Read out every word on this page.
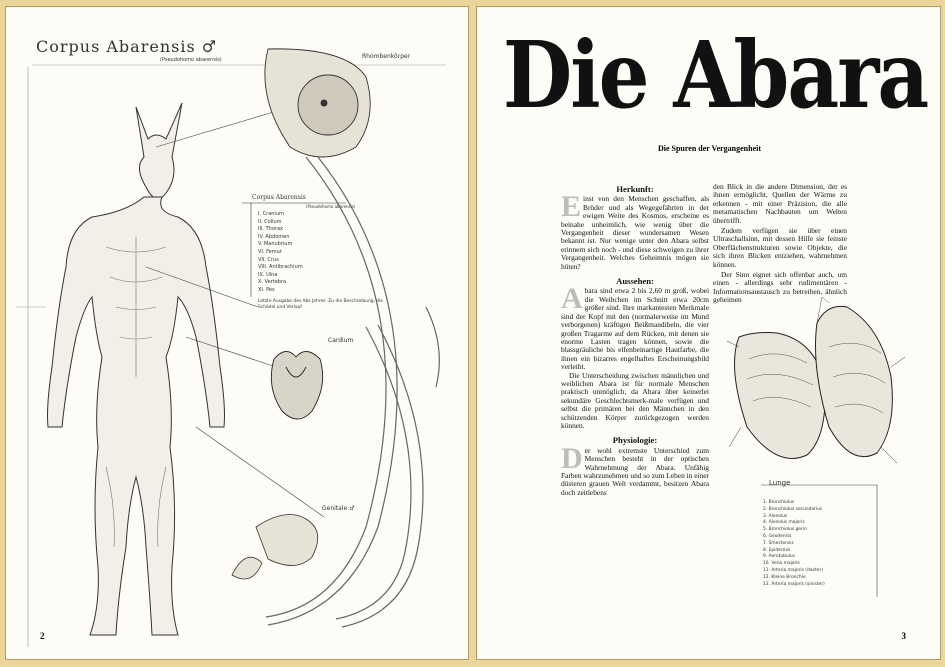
Corpus Abarensis ♂
(Pseudohomo abarensis)	Rhombenkörper
Corpus Abarensis
(Pseudohomo abarensis)
I. Cranium
II. Collum
III. Thorax
IV. Abdomen
V. Manubrium
VI. Femur
VII. Crus
VIII. Antibrachium
IX. Ulna
X. Vertebra
XI. Pes
Letzte Ausgabe des Abs Jahres. Zu die Beschreibung, die Schädel und Verlauf
Cardium
Genitale ♂
2
Die Abara
Die Spuren der Vergangenheit
Herkunft:

Einst von den Menschen geschaffen, als Brüder und als Wegegefährten in der ewigen Weite des Kosmos, erscheine es beinahe unheimlich, wie wenig über die Vergangenheit dieser wundersamen Wesen bekannt ist. Nur wenige unter den Abara selbst erinnern sich noch - und diese schweigen zu ihrer Vergangenheit. Welches Geheimnis mögen sie hüten?

Aussehen:

Abara sind etwa 2 bis 2,60 m groß, wobei die Weibchen im Schnitt etwa 20cm größer sind. Ihre markantesten Merkmale sind der Kopf mit den (normalerweise im Mund verborgenen) kräftigen Beißmandibeln, die vier großen Tragarme auf dem Rücken, mit denen sie enorme Lasten tragen können, sowie die blassgräuliche bis elfenbeinartige Hautfarbe, die ihnen ein bizarres engelhaftes Erscheinungsbild verleiht.

Die Unterscheidung zwischen männlichen und weiblichen Abara ist für normale Menschen praktisch unmöglich, da Abara über keinerlei sekundäre Geschlechtsmerk-male verfügen und selbst die primären bei den Männchen in den schützenden Körper zurückgezogen werden können.

Physiologie:

Der wohl extremste Unterschied zum Menschen besteht in der optischen Wahrnehmung der Abara. Unfähig Farben wahrzunehmen und so zum Leben in einer düsteren grauen Welt verdammt, besitzen Abara doch zeitlebens

den Blick in die andere Dimension, der es ihnen ermöglicht, Quellen der Wärme zu erkennen - mit einer Präzision, die alle metamatischen Nachbauten um Welten übertrifft.

Zudem verfügen sie über einen Ultraschallsinn, mit dessen Hilfe sie feinste Oberflächenstrukturen sowie Objekte, die sich ihren Blicken entziehen, wahrnehmen können.

Der Sinn eignet sich offenbar auch, um einen - allerdings sehr rudimentären - Informationsaustausch zu betreiben, ähnlich geheimen

Lunge
1. Bronchiolus
2. Bronchiolus secundarius
3. Alveolus
4. Alveolus majoris
5. Bronchiolus gerin
6. Geodensis
7. Smectensis
8. Epidermis
9. Aerotubulus
10. Vena majoris
11. Arteria majoris (dexter)
12. Kleine Bronchie
13. Arteria majoris (sinister)
3
